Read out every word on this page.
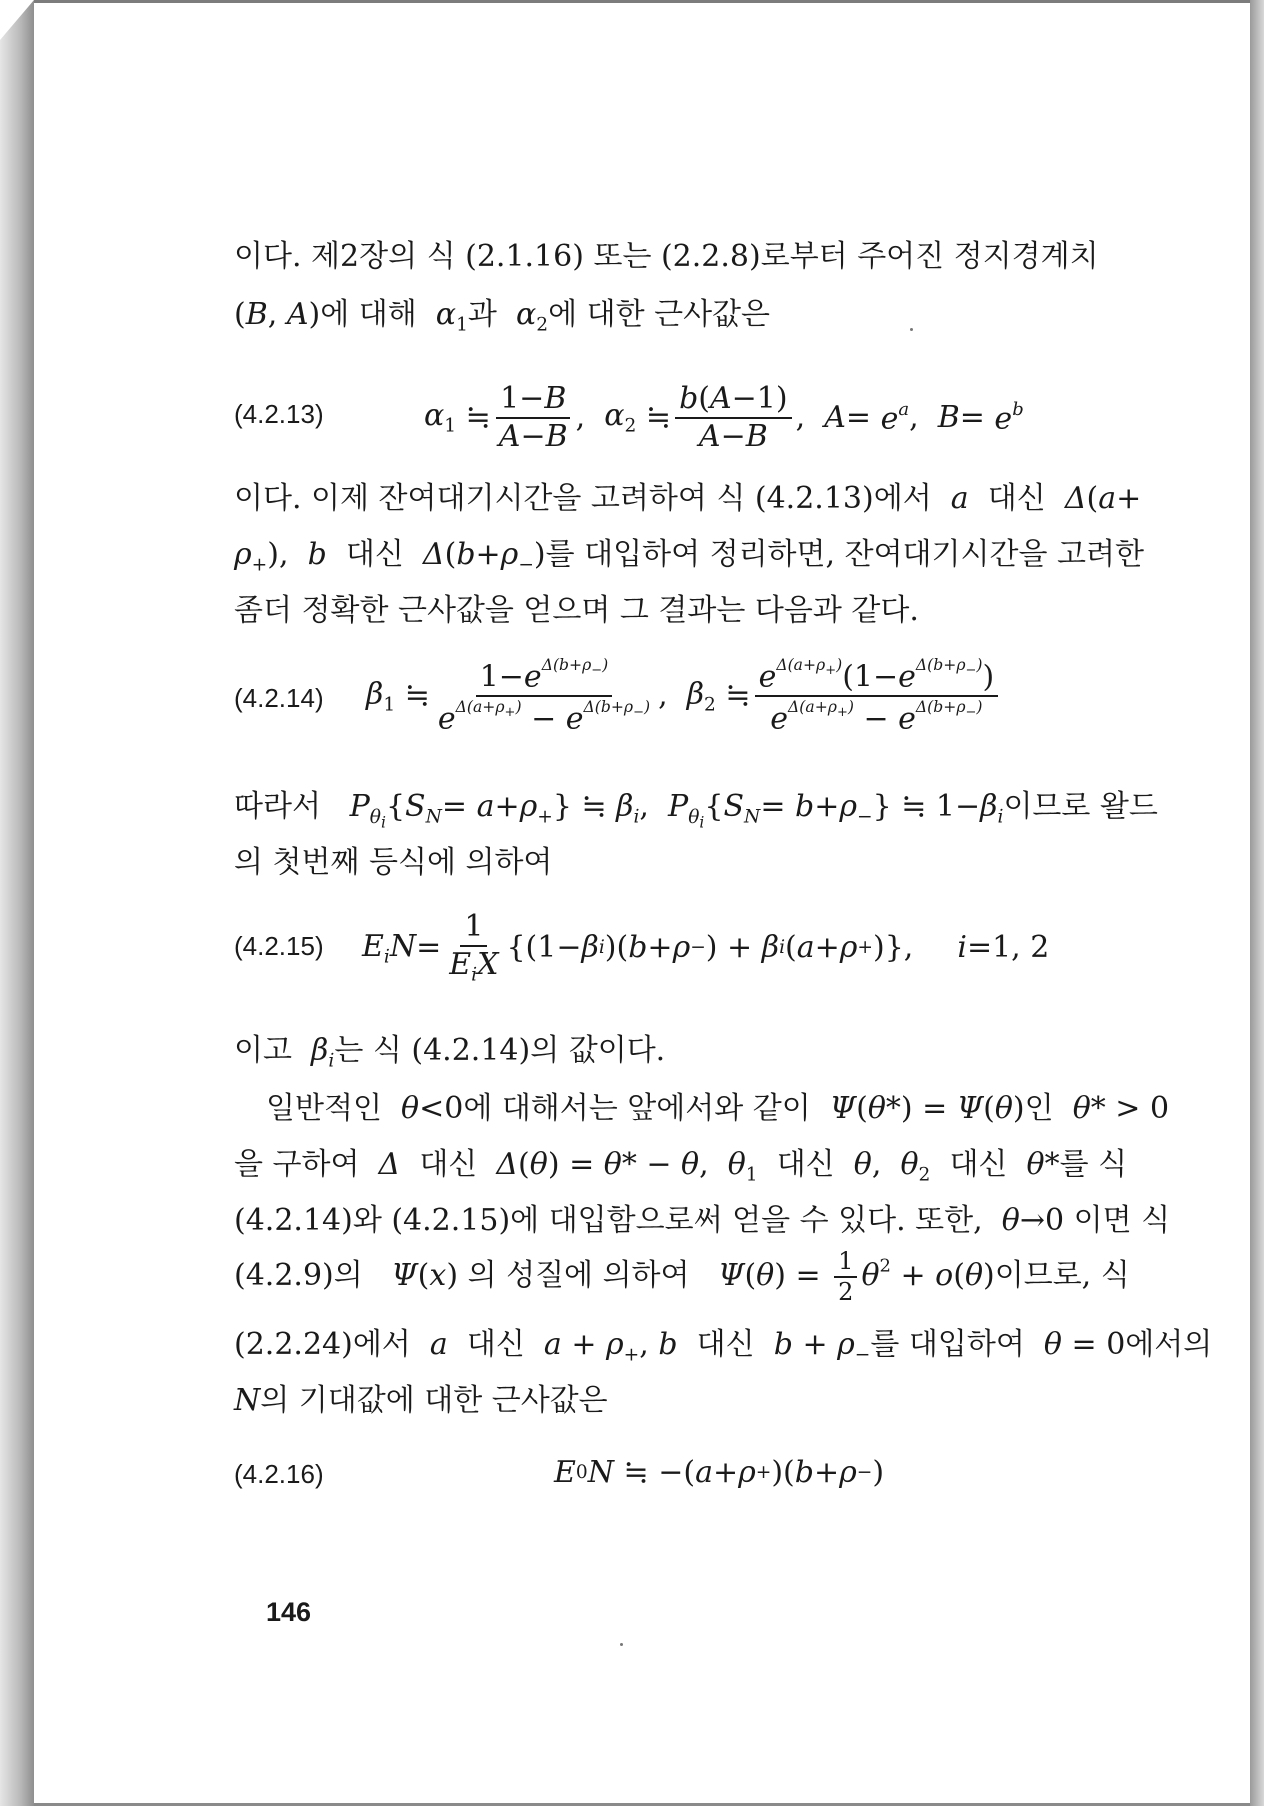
이다. 제2장의 식 (2.1.16) 또는 (2.2.8)로부터 주어진 정지경계치
(B, A)에 대해  $\alpha_1$과  $\alpha_2$에 대한 근사값은
(4.2.13)	$\alpha_1$ ≒ $\frac{1-B}{A-B}$ , $\alpha_2$ ≒ $\frac{b(A-1)}{A-B}$ , $A = e^a$ , $B = e^b$
이다. 이제 잔여대기시간을 고려하여 식 (4.2.13)에서  a  대신 Δ(a+
$\rho_+$),  b  대신 $\Delta(b+\rho_-)$를 대입하여 정리하면, 잔여대기시간을 고려한
좀더 정확한 근사값을 얻으며 그 결과는 다음과 같다.
(4.2.14) $\beta_1$ ≒ $\frac{1-e^{\Delta(b+\rho_-)}}{e^{\Delta(a+\rho_+)} - e^{\Delta(b+\rho_-)}}$ , $\beta_2$ ≒ $\frac{e^{\Delta(a+\rho_+)}(1-e^{\Delta(b+\rho_-)})}{e^{\Delta(a+\rho_+)} - e^{\Delta(b+\rho_-)}}$
따라서 $P_{\theta_i}\{S_N= a+\rho_+\}$ ≒ $\beta_i$,  $P_{\theta_i}\{S_N= b+\rho_-\}$ ≒ $1-\beta_i$이므로 왈드
의 첫번째 등식에 의하여
(4.2.15) $E_iN = \frac{1}{E_iX} \{(1- \beta$ i )( b + ρ − ) + β i ( a + ρ + )}, i =1, 2
이고  $\beta_i$는 식 (4.2.14)의 값이다.
일반적인  θ<0에 대해서는 앞에서와 같이 Ψ(θ*) = Ψ(θ)인 θ* > 0
을 구하여  Δ  대신 Δ(θ) = θ* − θ,  $\theta_1$ 대신 θ,  $\theta_2$ 대신 θ*를 식
(4.2.14)와 (4.2.15)에 대입함으로써 얻을 수 있다. 또한, θ→0 이면 식
(4.2.9)의 Ψ(x) 의 성질에 의하여 $\Psi(\theta) = \frac{1}{2} \theta^2 + o(\theta)$이므로, 식
(2.2.24)에서  a  대신 $a + \rho_+$, b 대신 $b + \rho_-$를 대입하여 θ = 0에서의
N의 기대값에 대한 근사값은
(4.2.16)	E 0 N ≒ −( a + ρ + )( b + ρ − )
146
